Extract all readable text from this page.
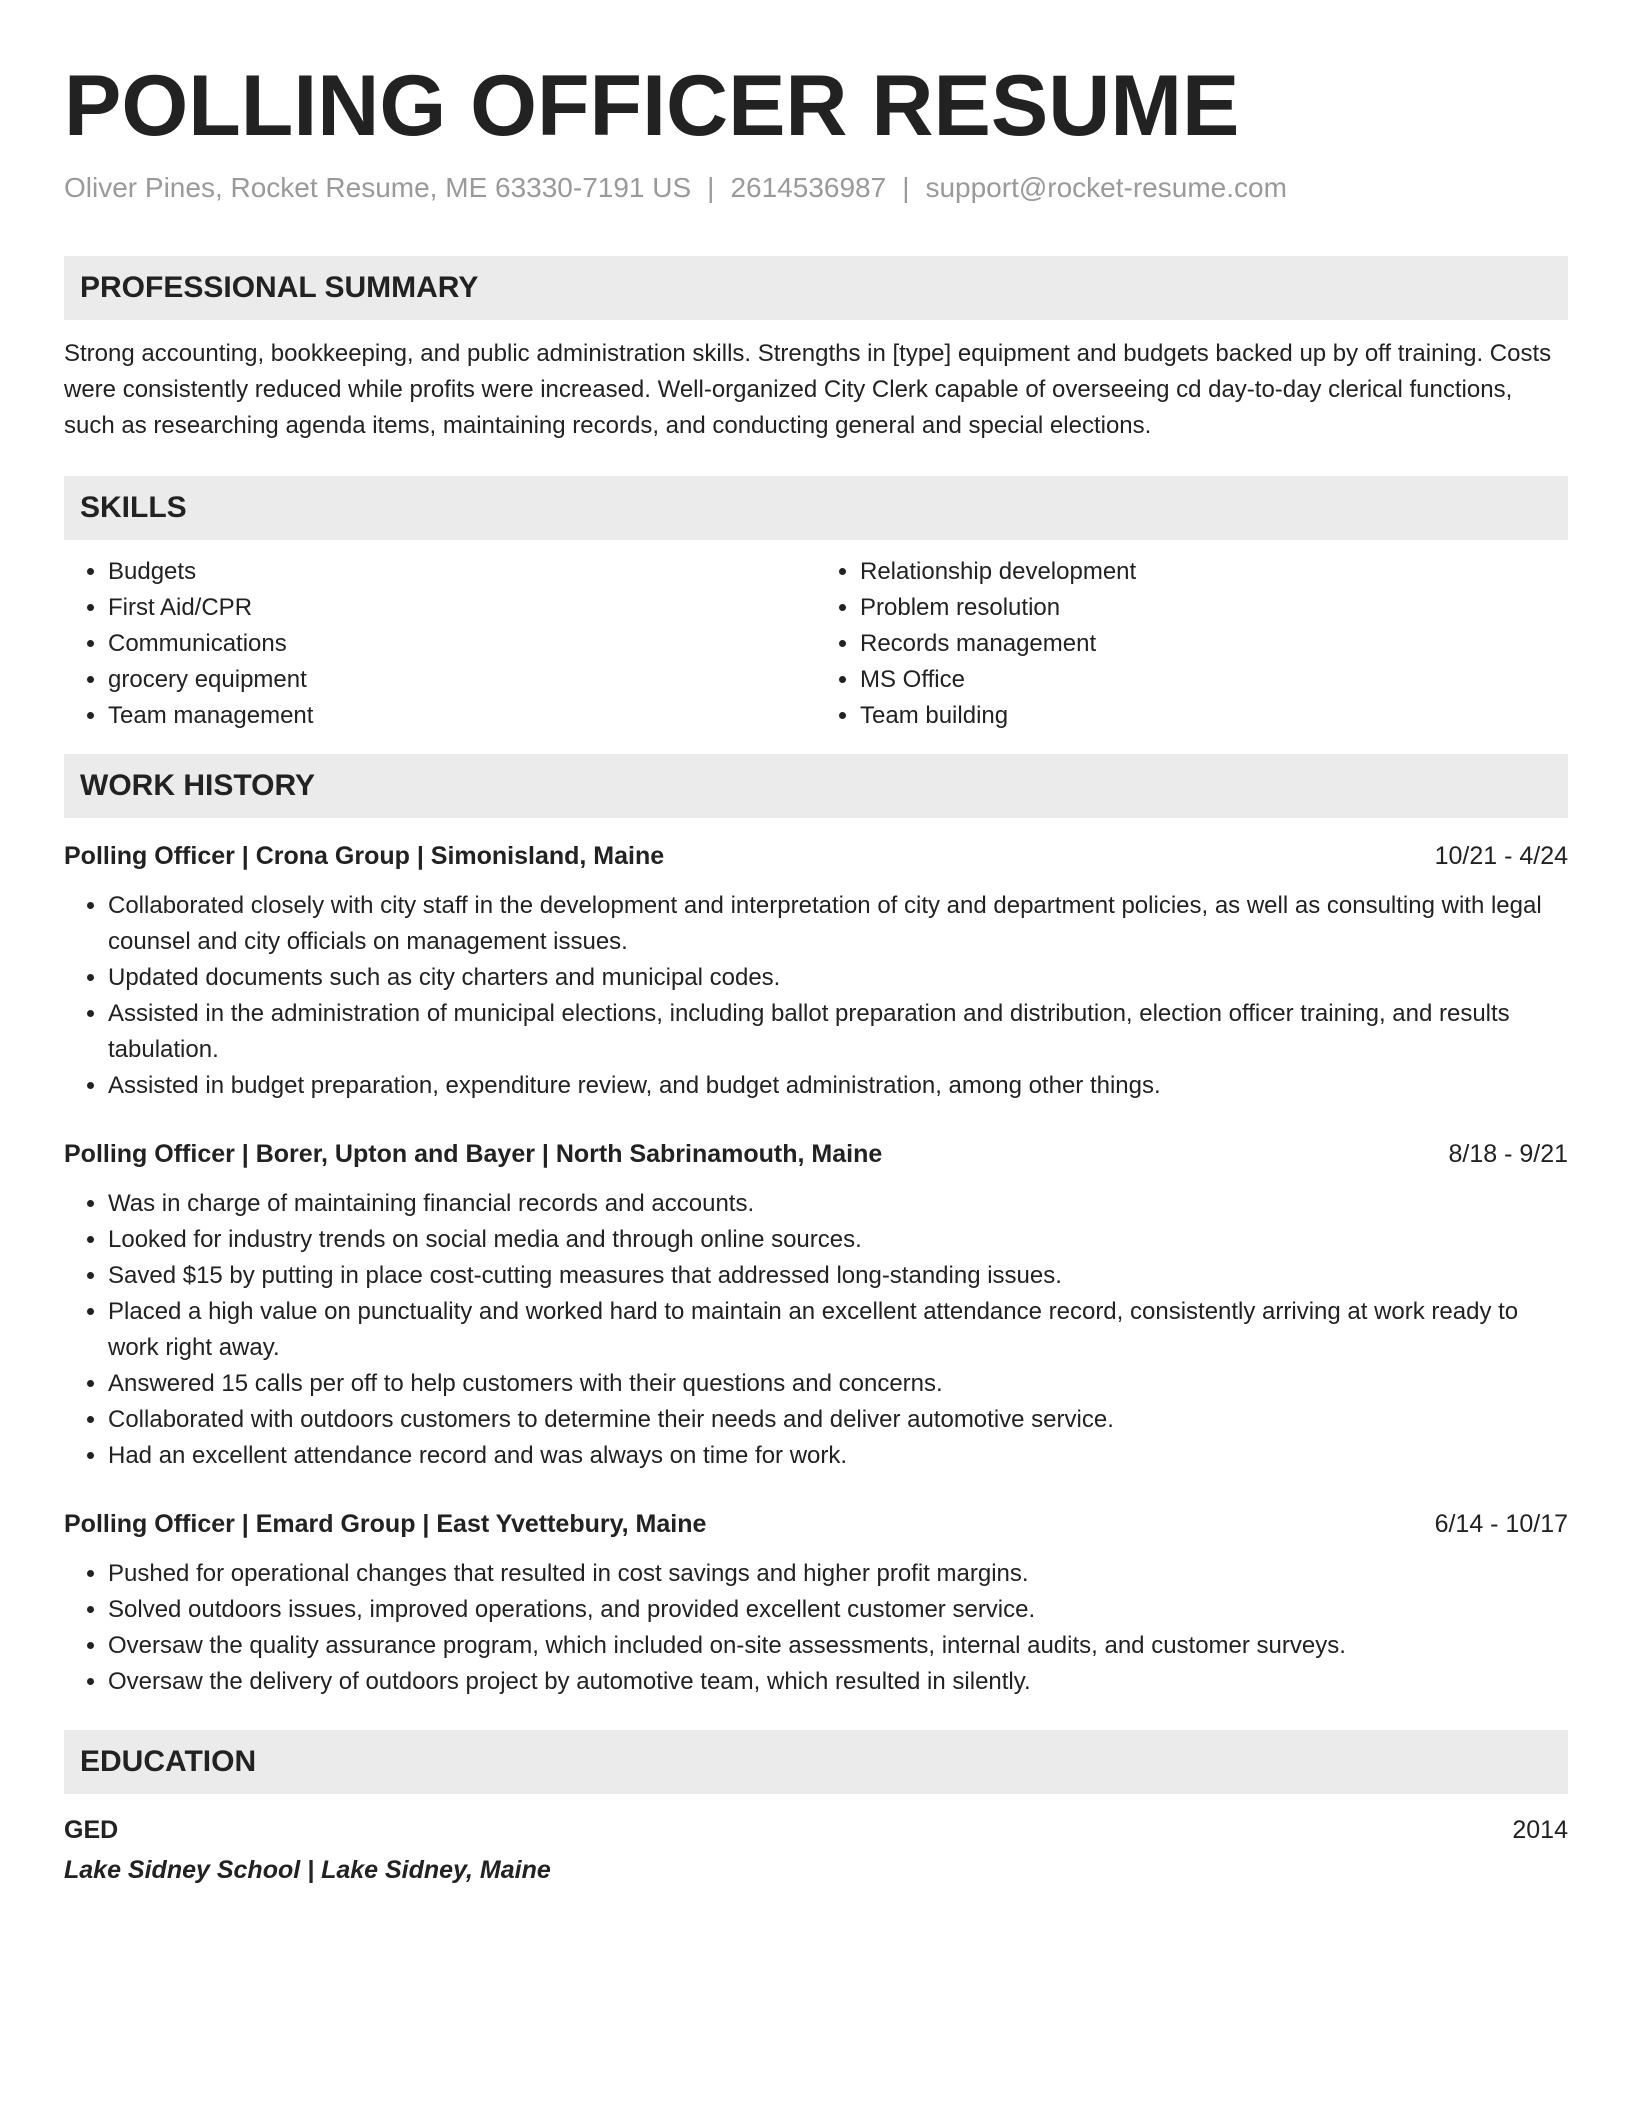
POLLING OFFICER RESUME
Oliver Pines, Rocket Resume, ME 63330-7191 US | 2614536987 | support@rocket-resume.com
PROFESSIONAL SUMMARY
Strong accounting, bookkeeping, and public administration skills. Strengths in [type] equipment and budgets backed up by off training. Costs were consistently reduced while profits were increased. Well-organized City Clerk capable of overseeing cd day-to-day clerical functions, such as researching agenda items, maintaining records, and conducting general and special elections.
SKILLS
• Budgets
• First Aid/CPR
• Communications
• grocery equipment
• Team management
• Relationship development
• Problem resolution
• Records management
• MS Office
• Team building
WORK HISTORY
Polling Officer | Crona Group | Simonisland, Maine	10/21 - 4/24
• Collaborated closely with city staff in the development and interpretation of city and department policies, as well as consulting with legal counsel and city officials on management issues.
• Updated documents such as city charters and municipal codes.
• Assisted in the administration of municipal elections, including ballot preparation and distribution, election officer training, and results tabulation.
• Assisted in budget preparation, expenditure review, and budget administration, among other things.
Polling Officer | Borer, Upton and Bayer | North Sabrinamouth, Maine	8/18 - 9/21
• Was in charge of maintaining financial records and accounts.
• Looked for industry trends on social media and through online sources.
• Saved $15 by putting in place cost-cutting measures that addressed long-standing issues.
• Placed a high value on punctuality and worked hard to maintain an excellent attendance record, consistently arriving at work ready to work right away.
• Answered 15 calls per off to help customers with their questions and concerns.
• Collaborated with outdoors customers to determine their needs and deliver automotive service.
• Had an excellent attendance record and was always on time for work.
Polling Officer | Emard Group | East Yvettebury, Maine	6/14 - 10/17
• Pushed for operational changes that resulted in cost savings and higher profit margins.
• Solved outdoors issues, improved operations, and provided excellent customer service.
• Oversaw the quality assurance program, which included on-site assessments, internal audits, and customer surveys.
• Oversaw the delivery of outdoors project by automotive team, which resulted in silently.
EDUCATION
GED	2014
Lake Sidney School | Lake Sidney, Maine
